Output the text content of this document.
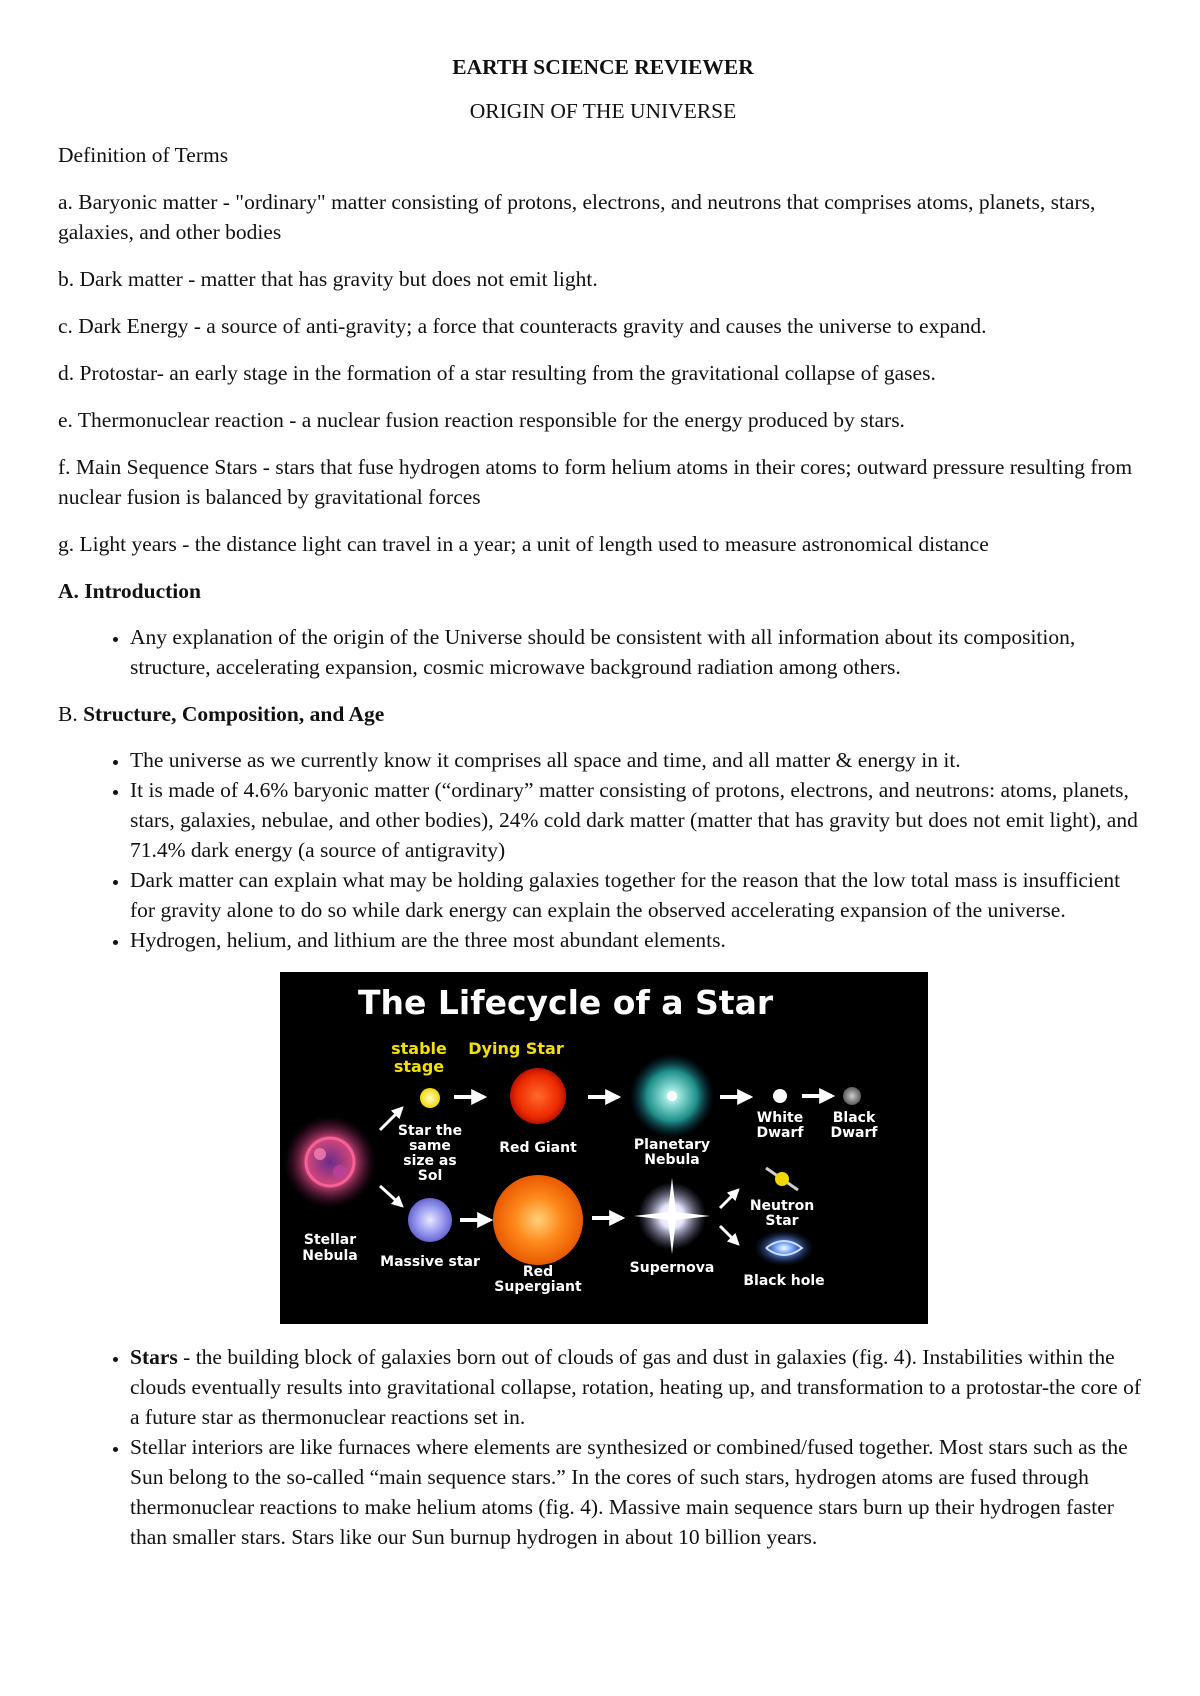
EARTH SCIENCE REVIEWER
ORIGIN OF THE UNIVERSE

Definition of Terms

a. Baryonic matter - "ordinary" matter consisting of protons, electrons, and neutrons that comprises atoms, planets, stars, galaxies, and other bodies

b. Dark matter - matter that has gravity but does not emit light.

c. Dark Energy - a source of anti-gravity; a force that counteracts gravity and causes the universe to expand.

d. Protostar- an early stage in the formation of a star resulting from the gravitational collapse of gases.

e. Thermonuclear reaction - a nuclear fusion reaction responsible for the energy produced by stars.

f. Main Sequence Stars - stars that fuse hydrogen atoms to form helium atoms in their cores; outward pressure resulting from nuclear fusion is balanced by gravitational forces

g. Light years - the distance light can travel in a year; a unit of length used to measure astronomical distance

A. Introduction
• Any explanation of the origin of the Universe should be consistent with all information about its composition, structure, accelerating expansion, cosmic microwave background radiation among others.
B. Structure, Composition, and Age
• The universe as we currently know it comprises all space and time, and all matter & energy in it.
• It is made of 4.6% baryonic matter (“ordinary” matter consisting of protons, electrons, and neutrons: atoms, planets, stars, galaxies, nebulae, and other bodies), 24% cold dark matter (matter that has gravity but does not emit light), and 71.4% dark energy (a source of antigravity)
• Dark matter can explain what may be holding galaxies together for the reason that the low total mass is insufficient for gravity alone to do so while dark energy can explain the observed accelerating expansion of the universe.
• Hydrogen, helium, and lithium are the three most abundant elements.
The Lifecycle of a Star
stable stage
Dying Star
Stellar Nebula
Star the same size as Sol
Red Giant	Planetary Nebula
White Dwarf
Black Dwarf
Massive star
Red Supergiant
Supernova
Neutron Star
Black hole
• Stars - the building block of galaxies born out of clouds of gas and dust in galaxies (fig. 4). Instabilities within the clouds eventually results into gravitational collapse, rotation, heating up, and transformation to a protostar-the core of a future star as thermonuclear reactions set in.
• Stellar interiors are like furnaces where elements are synthesized or combined/fused together. Most stars such as the Sun belong to the so-called “main sequence stars.” In the cores of such stars, hydrogen atoms are fused through thermonuclear reactions to make helium atoms (fig. 4). Massive main sequence stars burn up their hydrogen faster than smaller stars. Stars like our Sun burnup hydrogen in about 10 billion years.
